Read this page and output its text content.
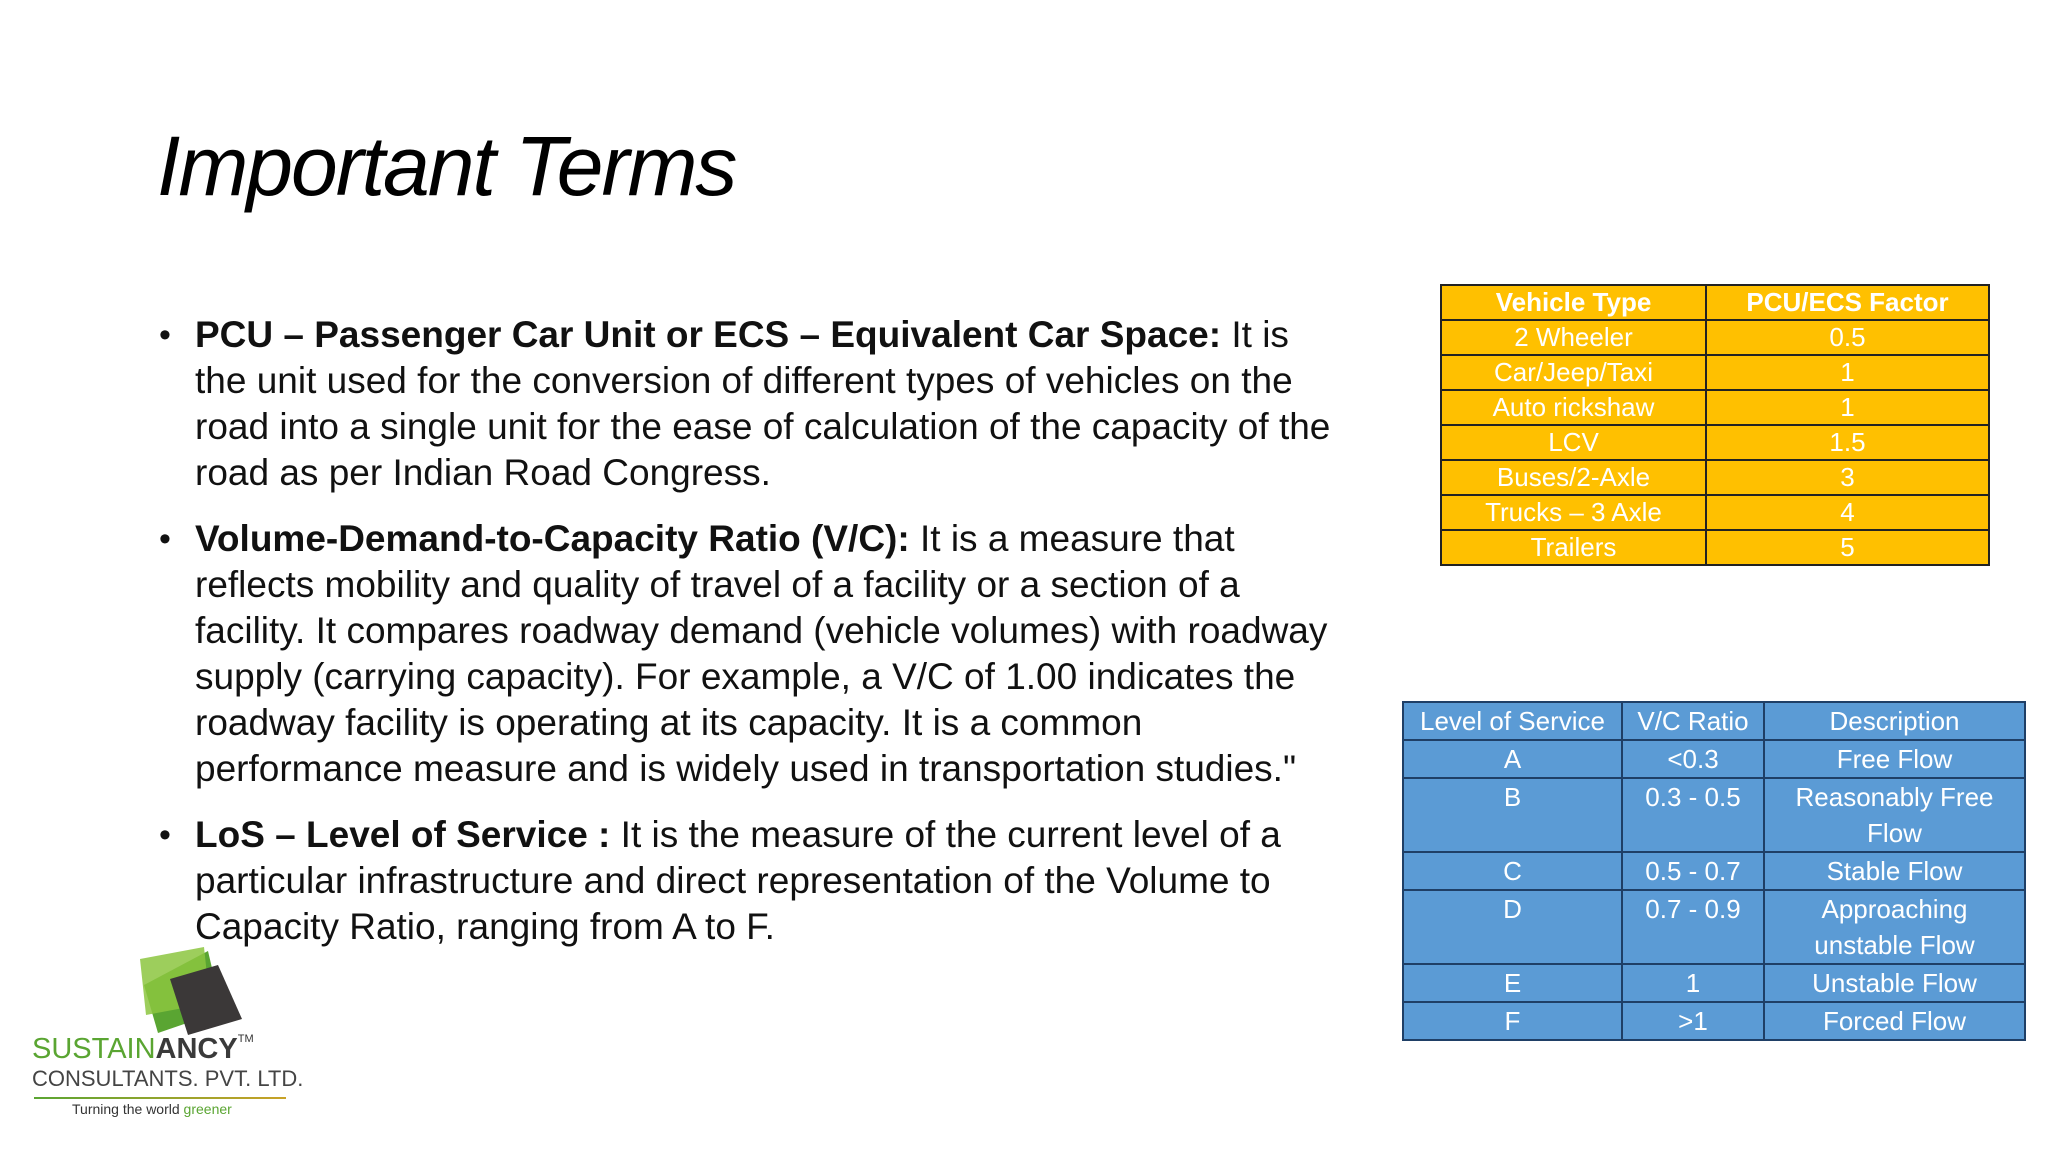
Important Terms
• PCU – Passenger Car Unit or ECS – Equivalent Car Space: It is the unit used for the conversion of different types of vehicles on the road into a single unit for the ease of calculation of the capacity of the road as per Indian Road Congress.
• Volume-Demand-to-Capacity Ratio (V/C): It is a measure that reflects mobility and quality of travel of a facility or a section of a facility. It compares roadway demand (vehicle volumes) with roadway supply (carrying capacity). For example, a V/C of 1.00 indicates the roadway facility is operating at its capacity. It is a common performance measure and is widely used in transportation studies."
• LoS – Level of Service : It is the measure of the current level of a particular infrastructure and direct representation of the Volume to Capacity Ratio, ranging from A to F.
Vehicle Type	PCU/ECS Factor
2 Wheeler	0.5
Car/Jeep/Taxi	1
Auto rickshaw	1
LCV	1.5
Buses/2-Axle	3
Trucks – 3 Axle	4
Trailers	5
Level of Service	V/C Ratio	Description
A	<0.3	Free Flow
B	0.3 - 0.5	Reasonably Free Flow
C	0.5 - 0.7	Stable Flow
D	0.7 - 0.9	Approaching unstable Flow
E	1	Unstable Flow
F	>1	Forced Flow
SUSTAINANCY™
CONSULTANTS. PVT. LTD.
Turning the world greener
